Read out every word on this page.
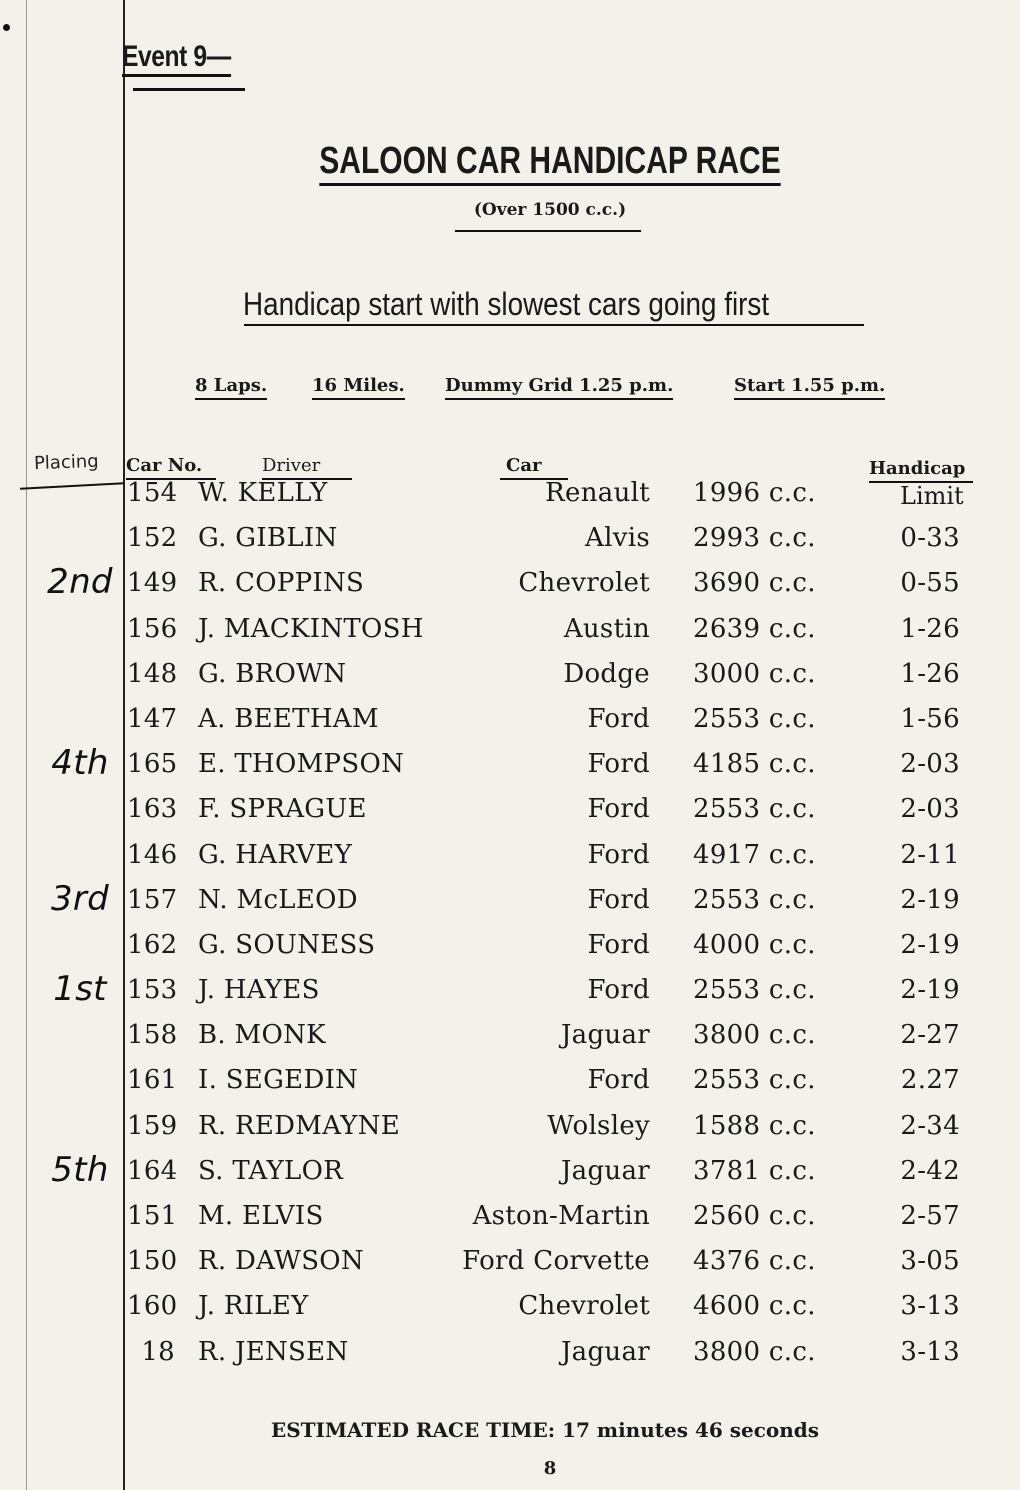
Event 9—
SALOON CAR HANDICAP RACE
(Over 1500 c.c.)

Handicap start with slowest cars going first

8 Laps. 16 Miles. Dummy Grid 1.25 p.m.	Start 1.55 p.m.
Placing Car No.	Driver	Car	Handicap
Limit
154 W. KELLY	Renault 1996 c.c.
152 G. GIBLIN	Alvis 2993 c.c.	0-33
2nd 149 R. COPPINS	Chevrolet 3690 c.c.	0-55
156 J. MACKINTOSH	Austin 2639 c.c.	1-26
148 G. BROWN	Dodge 3000 c.c.	1-26
147 A. BEETHAM	Ford 2553 c.c.	1-56
4th 165 E. THOMPSON	Ford 4185 c.c.	2-03
163 F. SPRAGUE	Ford 2553 c.c.	2-03
146 G. HARVEY	Ford 4917 c.c.	2-11
3rd 157 N. McLEOD	Ford 2553 c.c.	2-19
162 G. SOUNESS	Ford 4000 c.c.	2-19
1st 153 J. HAYES	Ford 2553 c.c.	2-19
158 B. MONK	Jaguar 3800 c.c.	2-27
161 I. SEGEDIN	Ford 2553 c.c.	2.27
159 R. REDMAYNE	Wolsley 1588 c.c.	2-34
5th 164 S. TAYLOR	Jaguar 3781 c.c.	2-42
151 M. ELVIS	Aston-Martin 2560 c.c.	2-57
150 R. DAWSON	Ford Corvette 4376 c.c.	3-05
160 J. RILEY	Chevrolet 4600 c.c.	3-13
18 R. JENSEN	Jaguar 3800 c.c.	3-13
ESTIMATED RACE TIME: 17 minutes 46 seconds
8
